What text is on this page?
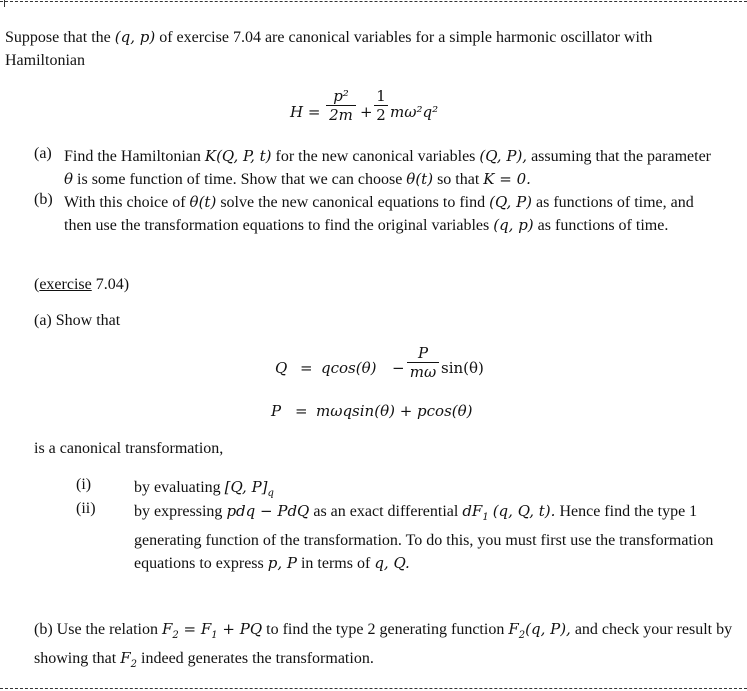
Suppose that the (q, p) of exercise 7.04 are canonical variables for a simple harmonic oscillator with Hamiltonian

H =
p²
2m +
1
2 mω²q²
(a) Find the Hamiltonian K(Q, P, t) for the new canonical variables (Q, P), assuming that the parameter θ is some function of time. Show that we can choose θ(t) so that K = 0.
(b) With this choice of θ(t) solve the new canonical equations to find (Q, P) as functions of time, and then use the transformation equations to find the original variables (q, p) as functions of time.

(exercise 7.04)

(a) Show that

Q = qcos(θ) −
P
mω sin(θ)
P = mωqsin(θ) + pcos(θ)

is a canonical transformation,

(i)	by evaluating [Q, $P]_q$
(ii) by expressing pdq − PdQ as an exact differential $dF_1$ (q, Q, t). Hence find the type 1 generating function of the transformation. To do this, you must first use the transformation equations to express p, P in terms of q, Q.

(b) Use the relation $F_2 = F_1$ + PQ to find the type 2 generating function $F_2(q$, P), and check your result by showing that $F_2$ indeed generates the transformation.
